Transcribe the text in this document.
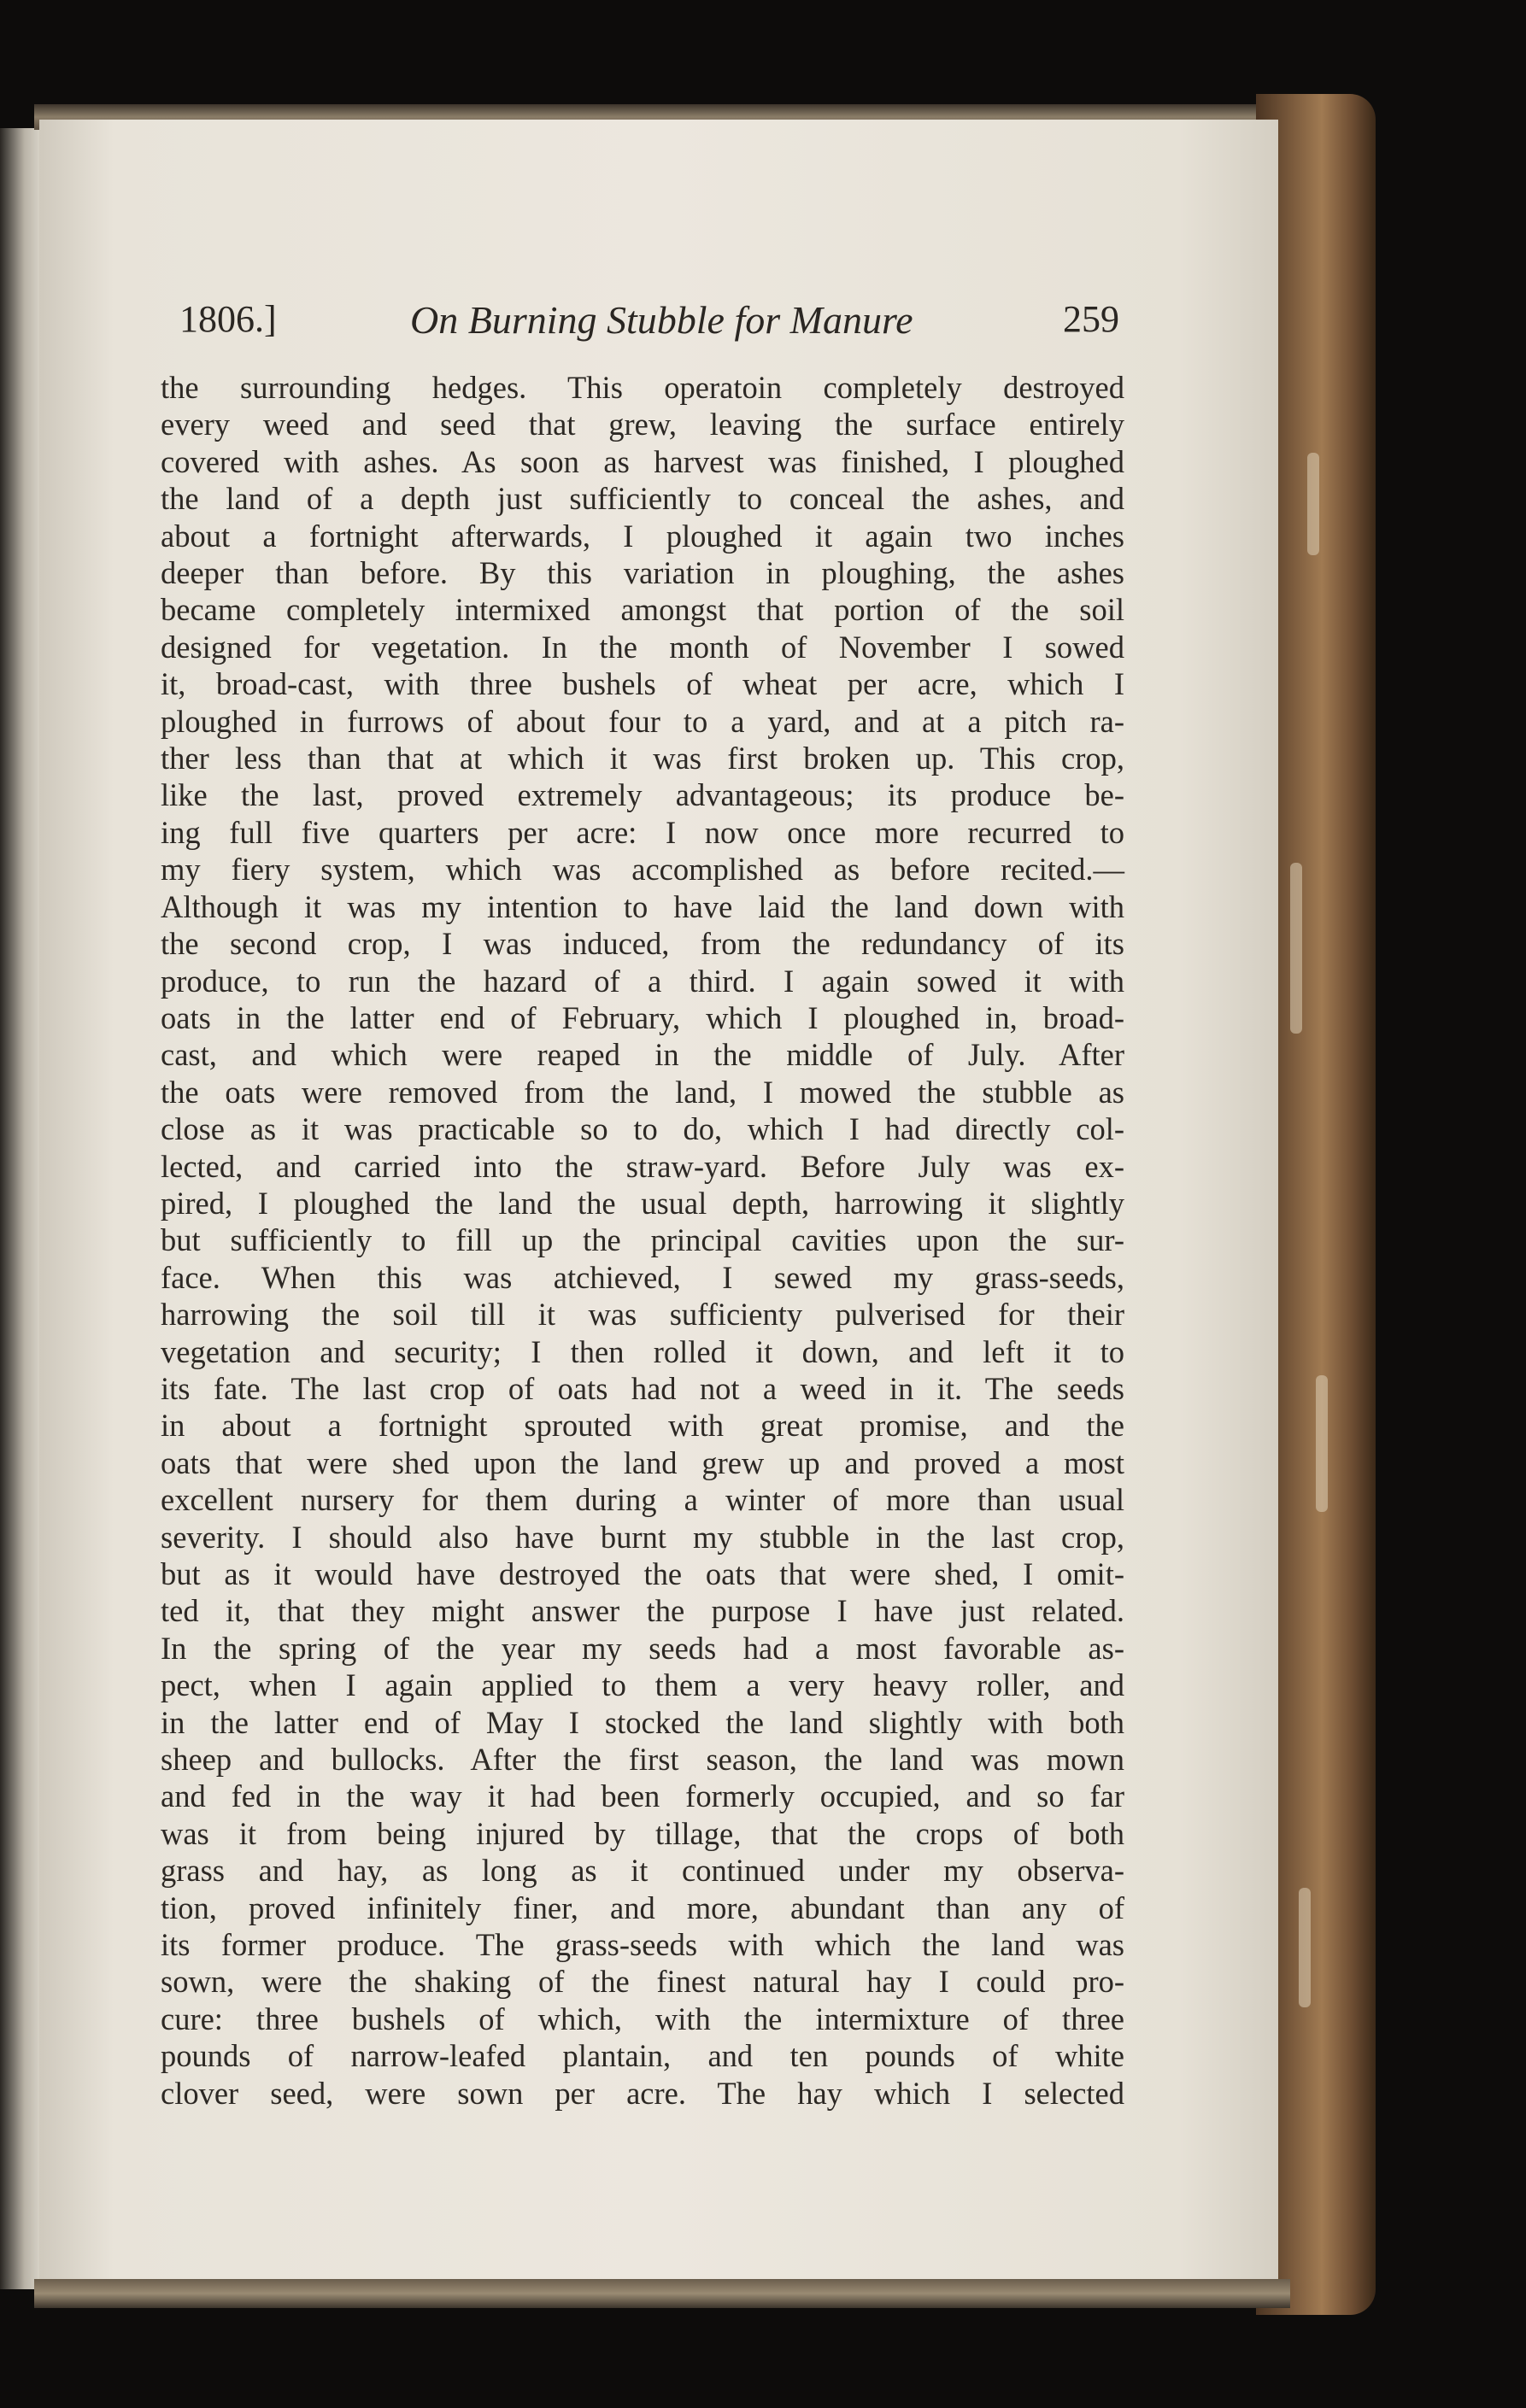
1806.]	On Burning Stubble for Manure	259
the surrounding hedges. This operatoin completely destroyed
every weed and seed that grew, leaving the surface entirely
covered with ashes. As soon as harvest was finished, I ploughed
the land of a depth just sufficiently to conceal the ashes, and
about a fortnight afterwards, I ploughed it again two inches
deeper than before. By this variation in ploughing, the ashes
became completely intermixed amongst that portion of the soil
designed for vegetation. In the month of November I sowed
it, broad-cast, with three bushels of wheat per acre, which I
ploughed in furrows of about four to a yard, and at a pitch ra-
ther less than that at which it was first broken up. This crop,
like the last, proved extremely advantageous; its produce be-
ing full five quarters per acre: I now once more recurred to
my fiery system, which was accomplished as before recited.—
Although it was my intention to have laid the land down with
the second crop, I was induced, from the redundancy of its
produce, to run the hazard of a third. I again sowed it with
oats in the latter end of February, which I ploughed in, broad-
cast, and which were reaped in the middle of July. After
the oats were removed from the land, I mowed the stubble as
close as it was practicable so to do, which I had directly col-
lected, and carried into the straw-yard. Before July was ex-
pired, I ploughed the land the usual depth, harrowing it slightly
but sufficiently to fill up the principal cavities upon the sur-
face. When this was atchieved, I sewed my grass-seeds,
harrowing the soil till it was sufficienty pulverised for their
vegetation and security; I then rolled it down, and left it to
its fate. The last crop of oats had not a weed in it. The seeds
in about a fortnight sprouted with great promise, and the
oats that were shed upon the land grew up and proved a most
excellent nursery for them during a winter of more than usual
severity. I should also have burnt my stubble in the last crop,
but as it would have destroyed the oats that were shed, I omit-
ted it, that they might answer the purpose I have just related.
In the spring of the year my seeds had a most favorable as-
pect, when I again applied to them a very heavy roller, and
in the latter end of May I stocked the land slightly with both
sheep and bullocks. After the first season, the land was mown
and fed in the way it had been formerly occupied, and so far
was it from being injured by tillage, that the crops of both
grass and hay, as long as it continued under my observa-
tion, proved infinitely finer, and more, abundant than any of
its former produce. The grass-seeds with which the land was
sown, were the shaking of the finest natural hay I could pro-
cure: three bushels of which, with the intermixture of three
pounds of narrow-leafed plantain, and ten pounds of white
clover seed, were sown per acre. The hay which I selected
